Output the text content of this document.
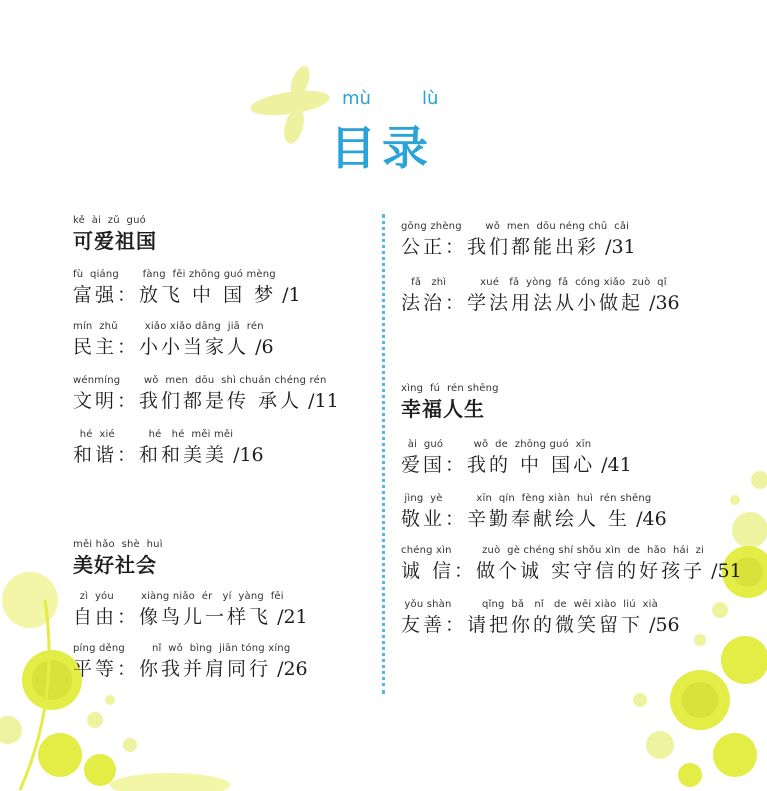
mù	lù
目录
kě  ài  zǔ  guó
可爱祖国
fù  qiáng       fàng  fēi zhōng guó mèng
富强：放飞 中 国 梦 /1
mín  zhǔ        xiǎo xiǎo dāng  jiā  rén
民主：小小当家人 /6
wénmíng       wǒ  men  dōu  shì chuán chéng rén
文明：我们都是传 承人 /11
hé  xié          hé   hé  měi měi
和谐：和和美美 /16
měi hǎo  shè  huì
美好社会
zì  yóu        xiàng niǎo  ér   yí  yàng  fēi
自由：像鸟儿一样飞 /21
píng děng        nǐ  wǒ  bìng  jiān tóng xíng
平等：你我并肩同行 /26
gōng zhèng       wǒ  men  dōu néng chū  cǎi
公正：我们都能出彩 /31
fǎ   zhì          xué   fǎ  yòng  fǎ  cóng xiǎo  zuò  qǐ
法治：学法用法从小做起 /36
xìng  fú  rén shēng
幸福人生
ài  guó         wǒ  de  zhōng guó  xīn
爱国：我的 中 国心 /41
jìng  yè          xīn  qín  fèng xiàn  huì  rén shēng
敬业：辛勤奉献绘人 生 /46
chéng xìn         zuò  gè chéng shí shǒu xìn  de  hǎo  hái  zi
诚 信：做个诚 实守信的好孩子 /51
yǒu shàn         qǐng  bǎ   nǐ   de  wēi xiào  liú  xià
友善：请把你的微笑留下 /56
